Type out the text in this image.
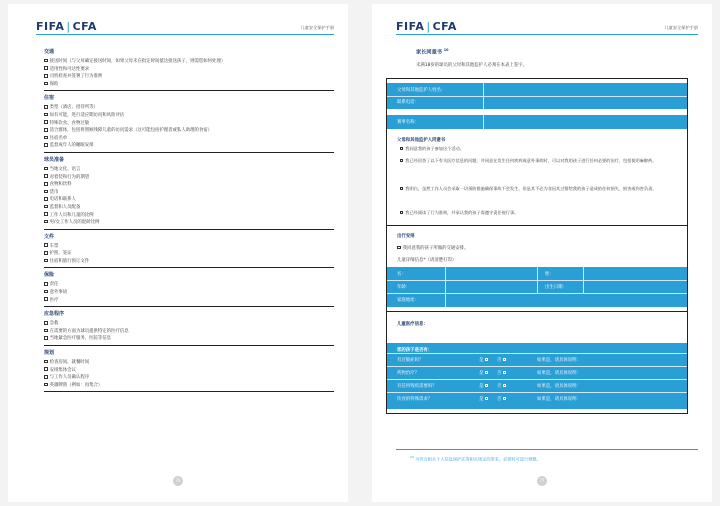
FIFA | CFA	儿童安全保护手册
交通
接送时间（与父母确定接送时间，如果父母未在指定时间抵达接送孩子，则需您如何处理）
适用性和可达性要求
司机检查并签署了行为准则
保险
住宿
类型（酒店、招待所等）
如有可能，进行适应期访问和风险评估
特殊饮食、食物过敏
适合群体，包括将照顾残障儿童的访问需求（这可能包括护理者或私人助理的食宿）
住宿名单
监督成年人的睡眠安排
球员准备
当地文化、语言
对着装和行为的期望
食物和饮料
货币
电话和联系人
监督和人员配备
工作人员和儿童的比例
男/女工作人员的混龄比例
文件
车票
护照、签证
住宿和旅行预订文件
保险
责任
意外事故
医疗
应急程序
急救
在需要的方面为球员提供特定的医疗信息
当地紧急医疗服务、医院等信息
规划
检查房间、就餐时间
安排集体会议
与工作人员确认程序
英雄牌照（例如：再集合）
76
FIFA | CFA	儿童安全保护手册
家长同意书 $^{10}$
未满18岁的球员的父母和其他监护人必须在本表上签字。
父母和其他监护人姓名：
联系电话：
赛事名称：
父母和其他监护人同意书
我同意我的孩子参加这个活动。
我已经回答了以下有关医疗信息的问题，并同意在发生任何疾病或意外事故时，可以对我的孩子进行任何必要的治疗，包括使用麻醉药。
我明白，虽然工作人员会采取一切预防措施确保事故不会发生，但是其不必为非因其过错给我的孩子造成的任何损失、损害或伤害负责。
我已经阅读了行为准则，并承认我的孩子需遵守责任规行事。
出行安排
我同意我的孩子所做的交通安排。
儿童详细信息*（请清楚打印）
名：	姓：
年龄：	出生日期：
家庭地址：
儿童医疗信息：
您的孩子是否有：
有过敏症吗？	是	否	如果是，请具体说明：
药物治疗？	是	否	如果是，请具体说明：
有任何残疾需要吗？	是	否	如果是，请具体说明：
饮食的特殊需求？	是	否	如果是，请具体说明：
$^{10}$ 为符合相关个人信息保护法等相关规定的要求，必要时可进行调整。
77
